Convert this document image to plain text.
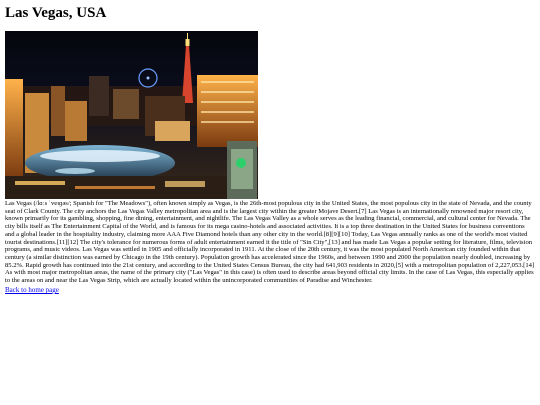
Las Vegas, USA

Las Vegas (/lɑːs ˈveɪɡəs/; Spanish for "The Meadows"), often known simply as Vegas, is the 26th-most populous city in the United States, the most populous city in the state of Nevada, and the county seat of Clark County. The city anchors the Las Vegas Valley metropolitan area and is the largest city within the greater Mojave Desert.[7] Las Vegas is an internationally renowned major resort city, known primarily for its gambling, shopping, fine dining, entertainment, and nightlife. The Las Vegas Valley as a whole serves as the leading financial, commercial, and cultural center for Nevada. The city bills itself as The Entertainment Capital of the World, and is famous for its mega casino-hotels and associated activities. It is a top three destination in the United States for business conventions and a global leader in the hospitality industry, claiming more AAA Five Diamond hotels than any other city in the world.[8][9][10] Today, Las Vegas annually ranks as one of the world's most visited tourist destinations.[11][12] The city's tolerance for numerous forms of adult entertainment earned it the title of "Sin City",[13] and has made Las Vegas a popular setting for literature, films, television programs, and music videos. Las Vegas was settled in 1905 and officially incorporated in 1911. At the close of the 20th century, it was the most populated North American city founded within that century (a similar distinction was earned by Chicago in the 19th century). Population growth has accelerated since the 1960s, and between 1990 and 2000 the population nearly doubled, increasing by 85.2%. Rapid growth has continued into the 21st century, and according to the United States Census Bureau, the city had 641,903 residents in 2020,[5] with a metropolitan population of 2,227,053.[14] As with most major metropolitan areas, the name of the primary city ("Las Vegas" in this case) is often used to describe areas beyond official city limits. In the case of Las Vegas, this especially applies to the areas on and near the Las Vegas Strip, which are actually located within the unincorporated communities of Paradise and Winchester.

Back to home page
